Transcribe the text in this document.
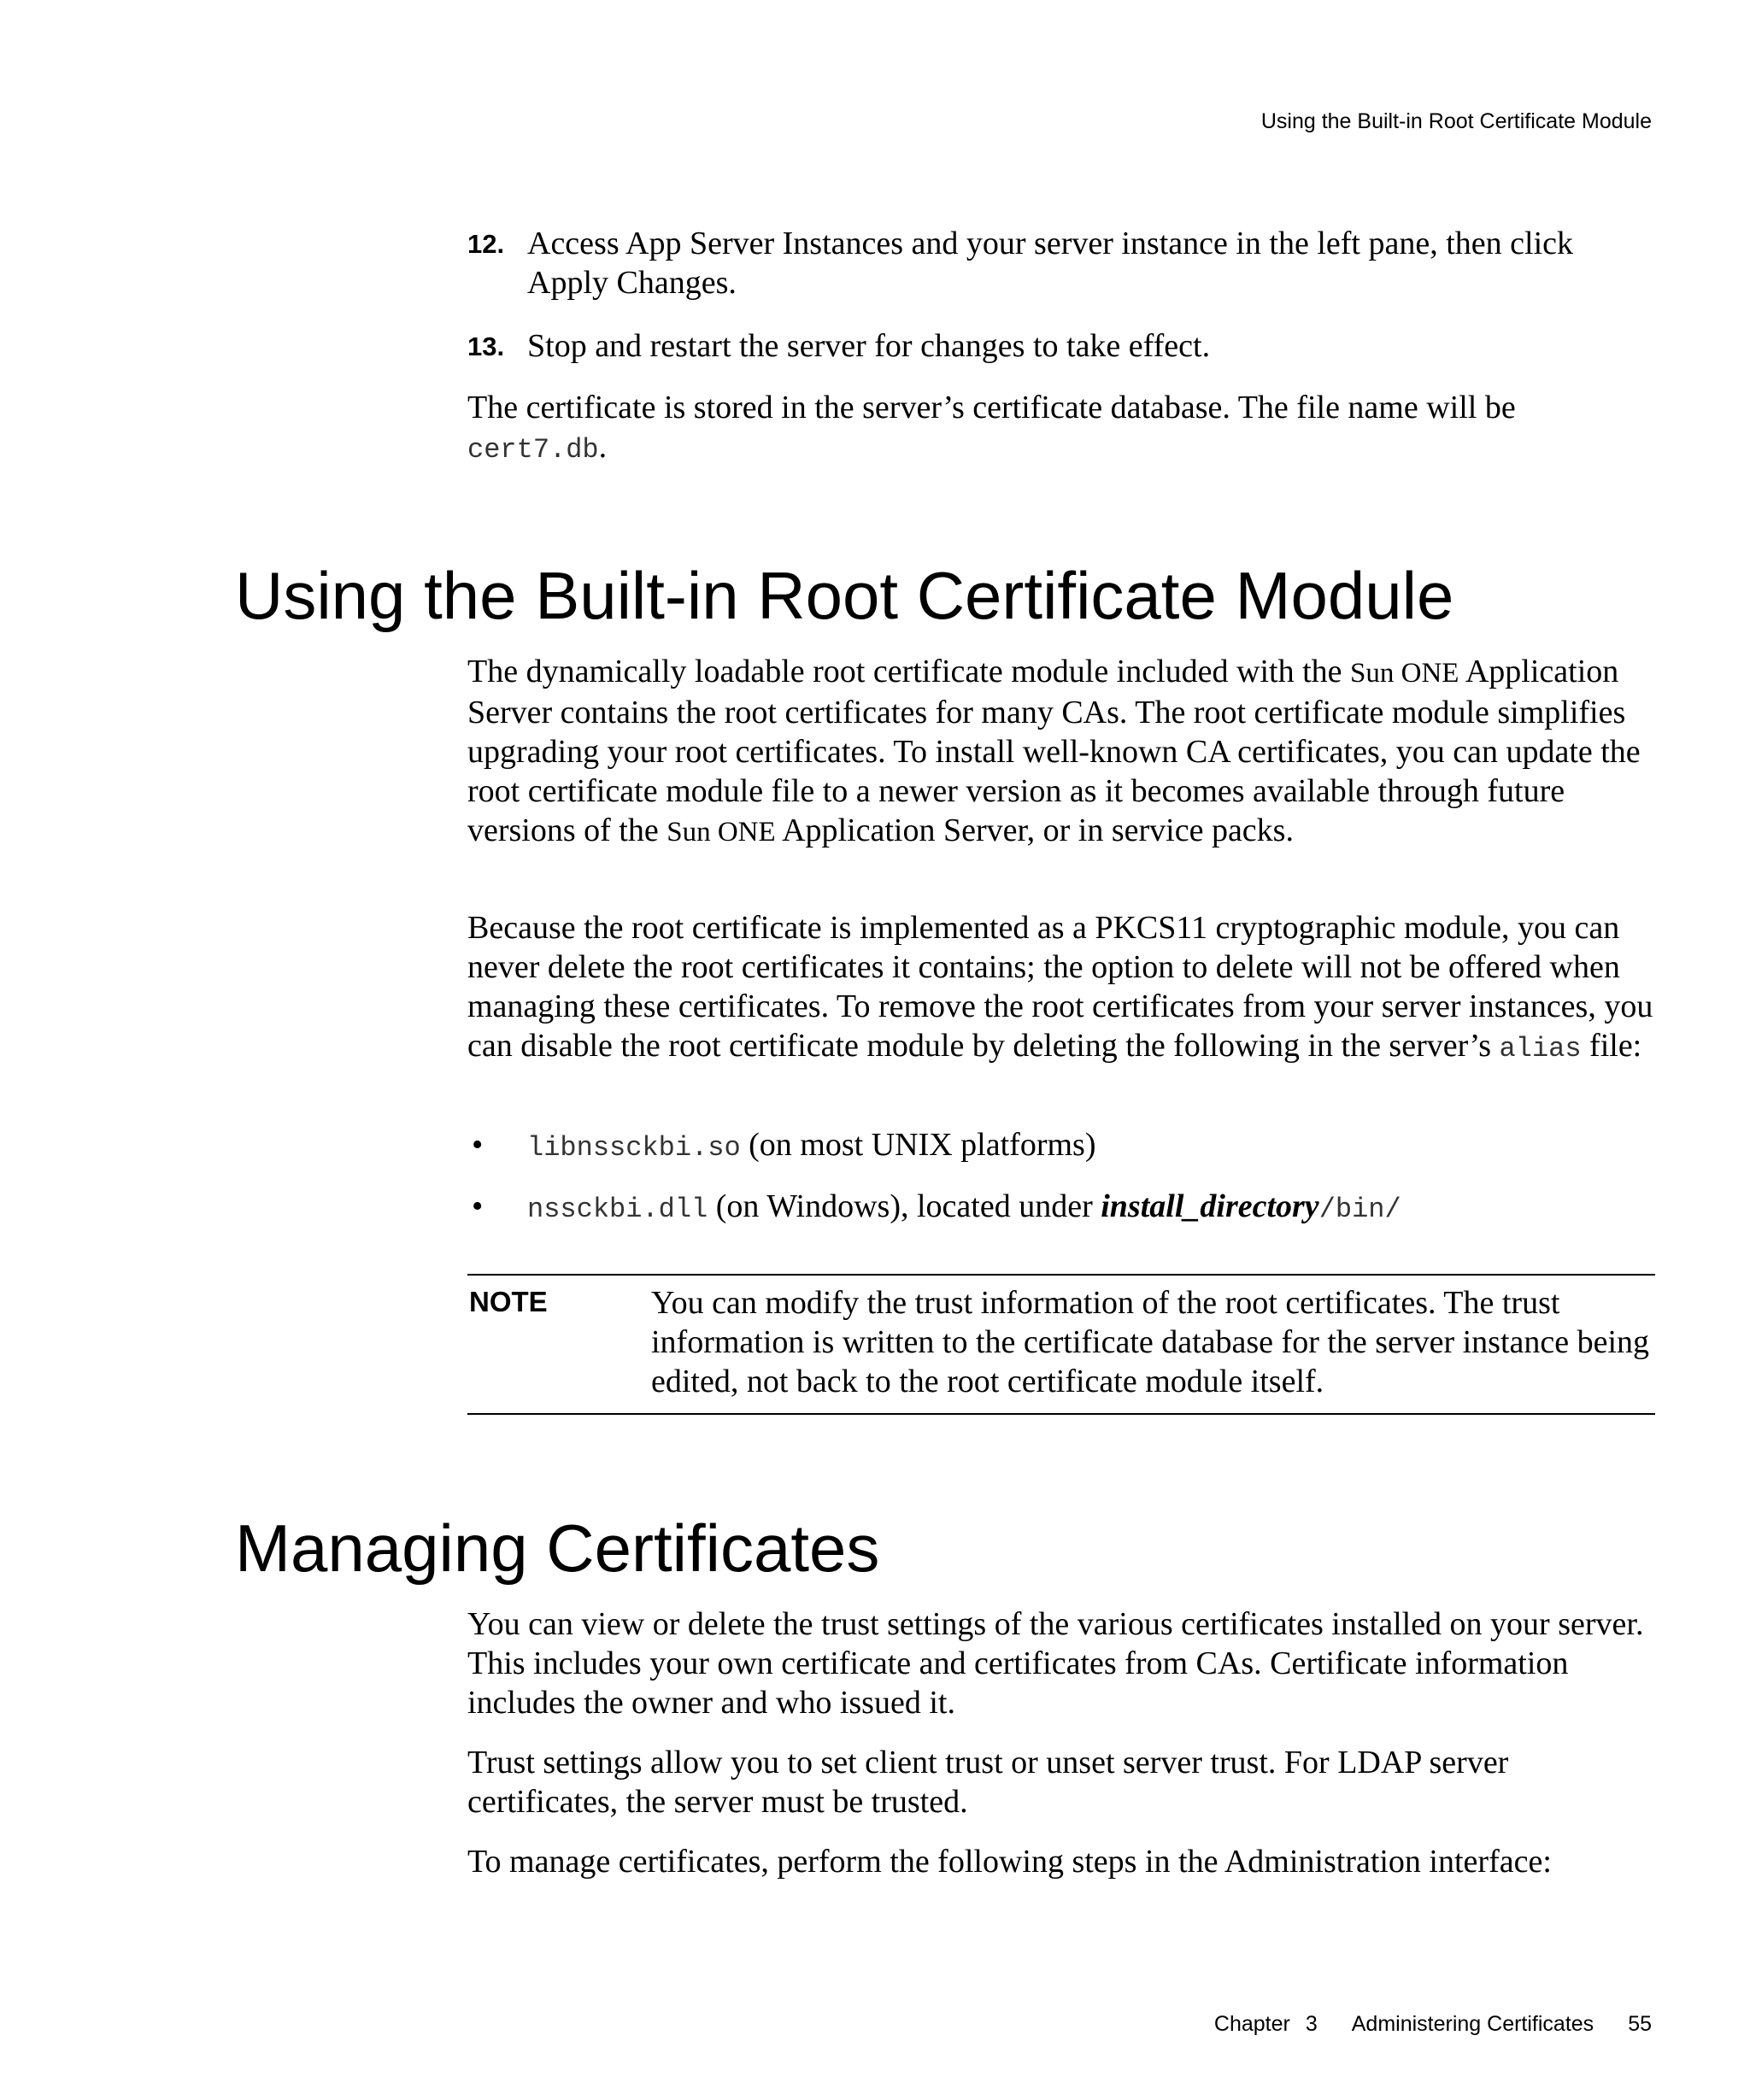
Using the Built-in Root Certificate Module
12. Access App Server Instances and your server instance in the left pane, then click Apply Changes.

13. Stop and restart the server for changes to take effect.

The certificate is stored in the server’s certificate database. The file name will be cert7.db.

Using the Built-in Root Certificate Module

The dynamically loadable root certificate module included with the Sun ONE Application Server contains the root certificates for many CAs. The root certificate module simplifies upgrading your root certificates. To install well-known CA certificates, you can update the root certificate module file to a newer version as it becomes available through future versions of the Sun ONE Application Server, or in service packs.

Because the root certificate is implemented as a PKCS11 cryptographic module, you can never delete the root certificates it contains; the option to delete will not be offered when managing these certificates. To remove the root certificates from your server instances, you can disable the root certificate module by deleting the following in the server’s alias file:

• libnssckbi.so (on most UNIX platforms)

• nssckbi.dll (on Windows), located under install_directory/bin/

NOTE	You can modify the trust information of the root certificates. The trust information is written to the certificate database for the server instance being edited, not back to the root certificate module itself.

Managing Certificates

You can view or delete the trust settings of the various certificates installed on your server. This includes your own certificate and certificates from CAs. Certificate information includes the owner and who issued it.

Trust settings allow you to set client trust or unset server trust. For LDAP server certificates, the server must be trusted.

To manage certificates, perform the following steps in the Administration interface:

Chapter 3 Administering Certificates 55
